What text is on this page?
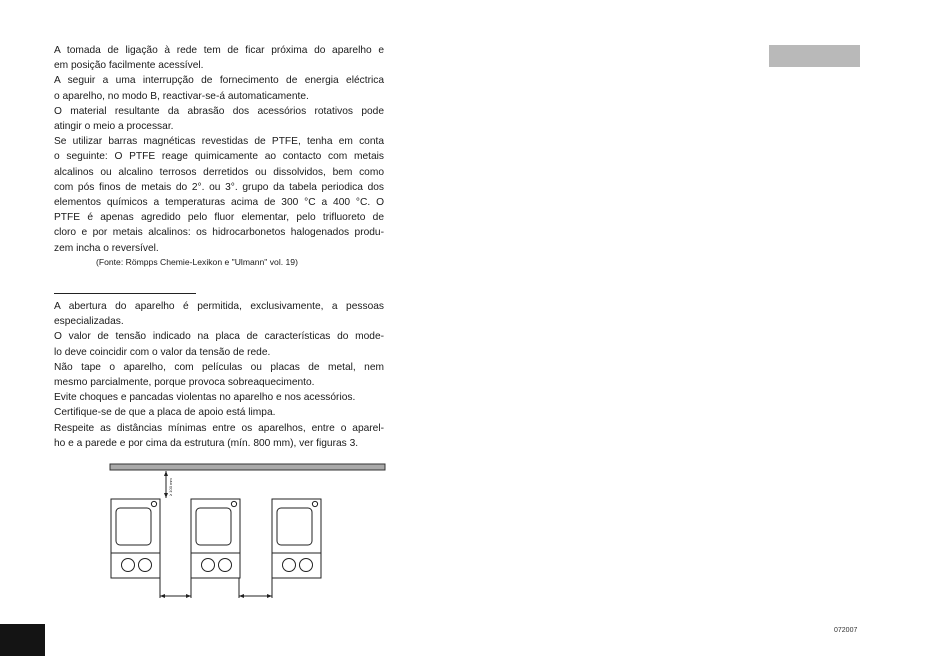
A tomada de ligação à rede tem de ficar próxima do aparelho e
em posição facilmente acessível.

A seguir a uma interrupção de fornecimento de energia eléctrica
o aparelho, no modo B, reactivar-se-á automaticamente.

O material resultante da abrasão dos acessórios rotativos pode
atingir o meio a processar.

Se utilizar barras magnéticas revestidas de PTFE, tenha em conta
o seguinte: O PTFE reage quimicamente ao contacto com metais
alcalinos ou alcalino terrosos derretidos ou dissolvidos, bem como
com pós finos de metais do 2°. ou 3°. grupo da tabela periodica dos
elementos químicos a temperaturas acima de 300 °C a 400 °C. O
PTFE é apenas agredido pelo fluor elementar, pelo trifluoreto de
cloro e por metais alcalinos: os hidrocarbonetos halogenados produ-
zem incha o reversível.

(Fonte: Römpps Chemie-Lexikon e "Ulmann" vol. 19)

A abertura do aparelho é permitida, exclusivamente, a pessoas
especializadas.

O valor de tensão indicado na placa de características do mode-
lo deve coincidir com o valor da tensão de rede.

Não tape o aparelho, com películas ou placas de metal, nem
mesmo parcialmente, porque provoca sobreaquecimento.

Evite choques e pancadas violentas no aparelho e nos acessórios.

Certifique-se de que a placa de apoio está limpa.

Respeite as distâncias mínimas entre os aparelhos, entre o aparel-
ho e a parede e por cima da estrutura (mín. 800 mm), ver figuras 3.

≥ 100 mm
072007
